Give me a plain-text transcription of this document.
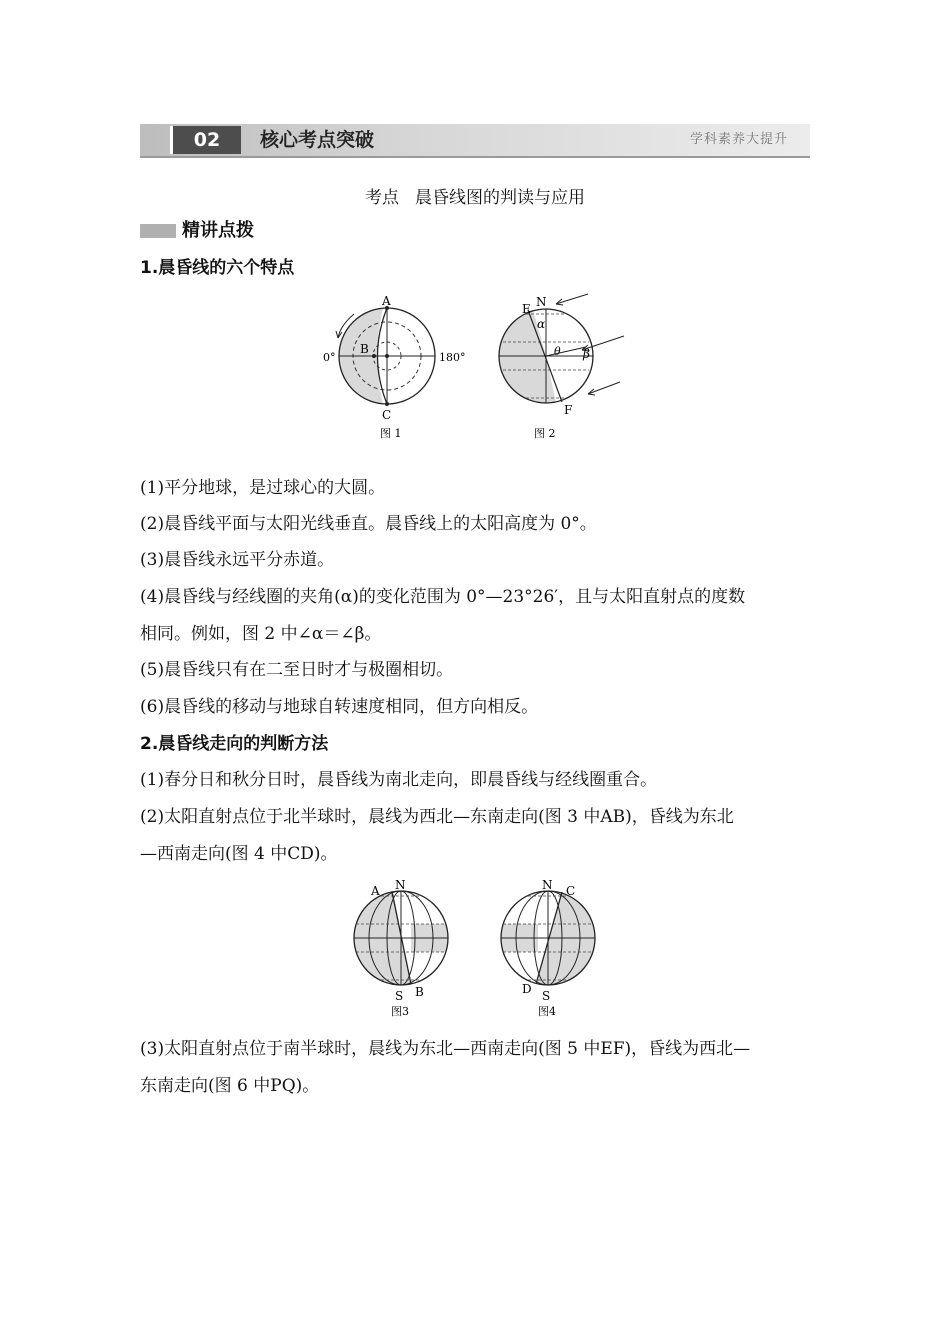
02	核心考点突破	学科素养大提升
考点 晨昏线图的判读与应用
精讲点拨
1.晨昏线的六个特点
A
B
C
0°	180°
图 1
N
E
α
θ β
F
图 2
(1)平分地球，是过球心的大圆。
(2)晨昏线平面与太阳光线垂直。晨昏线上的太阳高度为 0°。
(3)晨昏线永远平分赤道。
(4)晨昏线与经线圈的夹角(α)的变化范围为 0°—23°26′，且与太阳直射点的度数
相同。例如，图 2 中∠α＝∠β。
(5)晨昏线只有在二至日时才与极圈相切。
(6)晨昏线的移动与地球自转速度相同，但方向相反。
2.晨昏线走向的判断方法
(1)春分日和秋分日时，晨昏线为南北走向，即晨昏线与经线圈重合。
(2)太阳直射点位于北半球时，晨线为西北—东南走向(图 3 中AB)，昏线为东北
—西南走向(图 4 中CD)。
A N
S B
图3
N C
D S
图4
(3)太阳直射点位于南半球时，晨线为东北—西南走向(图 5 中EF)，昏线为西北—
东南走向(图 6 中PQ)。
